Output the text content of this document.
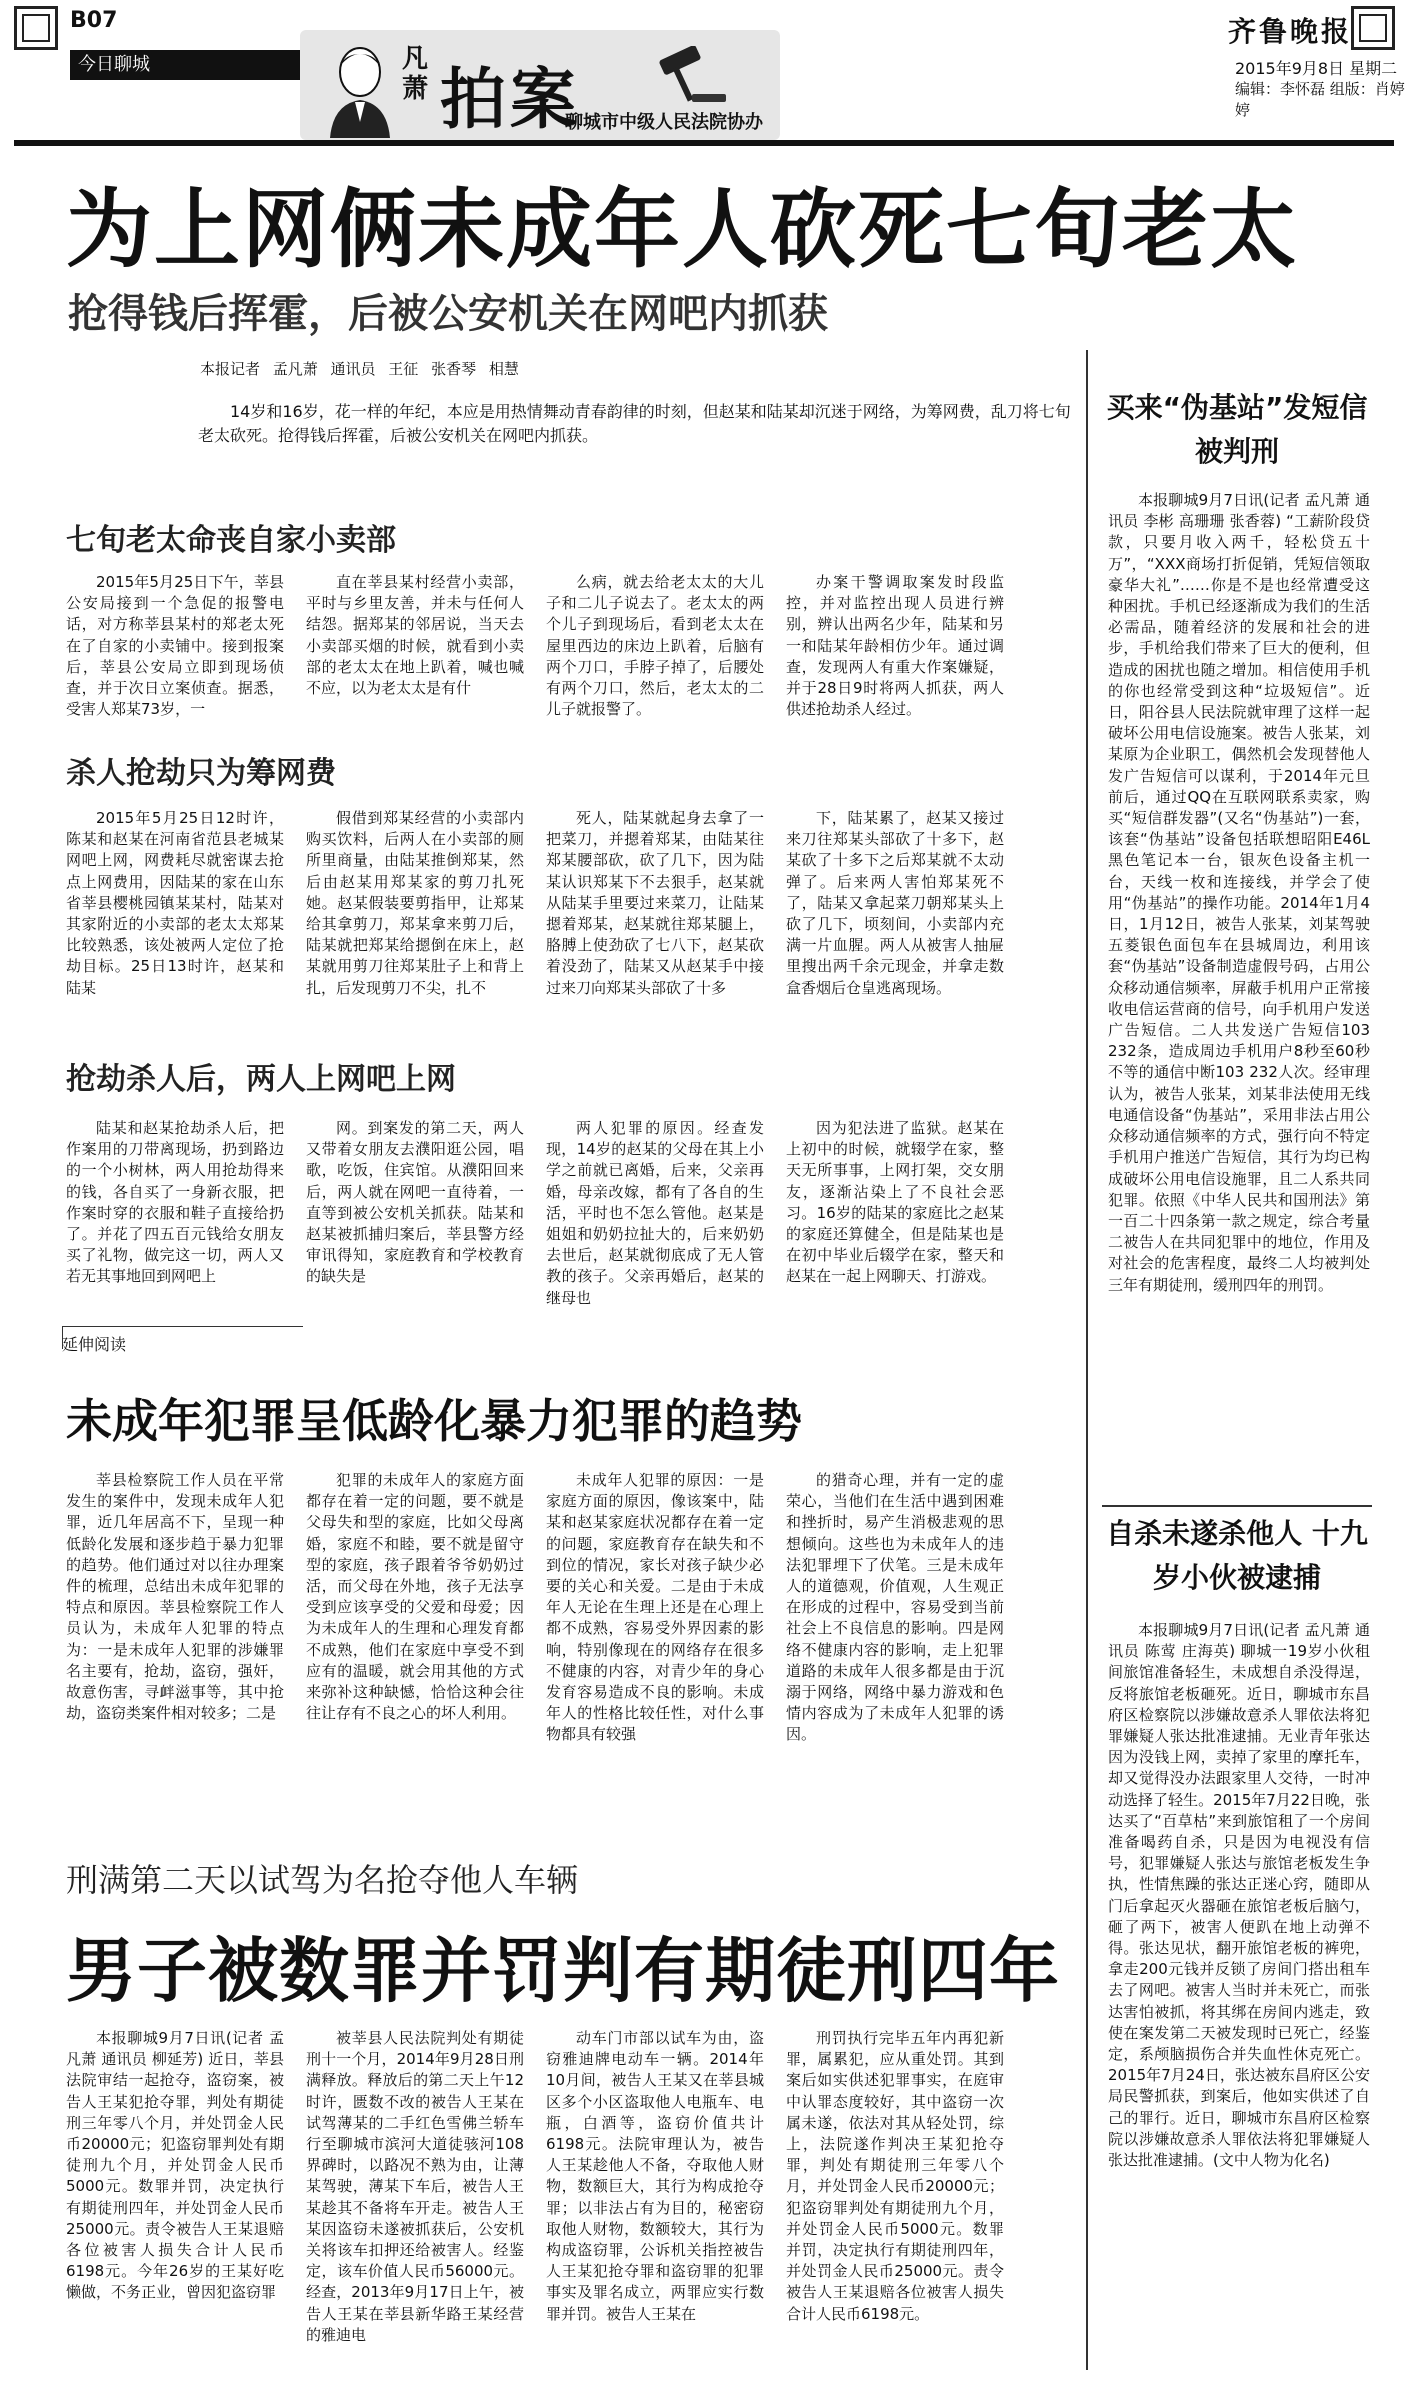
B07
今日聊城	凡萧 拍案
聊城市中级人民法院协办
齐鲁晚报
2015年9月8日 星期二
编辑：李怀磊 组版：肖婷婷
为上网俩未成年人砍死七旬老太
抢得钱后挥霍，后被公安机关在网吧内抓获
本报记者 孟凡萧 通讯员 王征 张香琴 相慧
14岁和16岁，花一样的年纪，本应是用热情舞动青春韵律的时刻，但赵某和陆某却沉迷于网络，为筹网费，乱刀将七旬老太砍死。抢得钱后挥霍，后被公安机关在网吧内抓获。
七旬老太命丧自家小卖部
2015年5月25日下午，莘县公安局接到一个急促的报警电话，对方称莘县某村的郑老太死在了自家的小卖铺中。接到报案后，莘县公安局立即到现场侦查，并于次日立案侦查。据悉，受害人郑某73岁，一
直在莘县某村经营小卖部，平时与乡里友善，并未与任何人结怨。据郑某的邻居说，当天去小卖部买烟的时候，就看到小卖部的老太太在地上趴着，喊也喊不应，以为老太太是有什
么病，就去给老太太的大儿子和二儿子说去了。老太太的两个儿子到现场后，看到老太太在屋里西边的床边上趴着，后脑有两个刀口，手脖子掉了，后腰处有两个刀口，然后，老太太的二儿子就报警了。
办案干警调取案发时段监控，并对监控出现人员进行辨别，辨认出两名少年，陆某和另一和陆某年龄相仿少年。通过调查，发现两人有重大作案嫌疑，并于28日9时将两人抓获，两人供述抢劫杀人经过。
杀人抢劫只为筹网费
2015年5月25日12时许，陈某和赵某在河南省范县老城某网吧上网，网费耗尽就密谋去抢点上网费用，因陆某的家在山东省莘县樱桃园镇某某村，陆某对其家附近的小卖部的老太太郑某比较熟悉，该处被两人定位了抢劫目标。25日13时许，赵某和陆某
假借到郑某经营的小卖部内购买饮料，后两人在小卖部的厕所里商量，由陆某推倒郑某，然后由赵某用郑某家的剪刀扎死她。赵某假装要剪指甲，让郑某给其拿剪刀，郑某拿来剪刀后，陆某就把郑某给摁倒在床上，赵某就用剪刀往郑某肚子上和背上扎，后发现剪刀不尖，扎不
死人，陆某就起身去拿了一把菜刀，并摁着郑某，由陆某往郑某腰部砍，砍了几下，因为陆某认识郑某下不去狠手，赵某就从陆某手里要过来菜刀，让陆某摁着郑某，赵某就往郑某腿上，胳膊上使劲砍了七八下，赵某砍着没劲了，陆某又从赵某手中接过来刀向郑某头部砍了十多
下，陆某累了，赵某又接过来刀往郑某头部砍了十多下，赵某砍了十多下之后郑某就不太动弹了。后来两人害怕郑某死不了，陆某又拿起菜刀朝郑某头上砍了几下，顷刻间，小卖部内充满一片血腥。两人从被害人抽屉里搜出两千余元现金，并拿走数盒香烟后仓皇逃离现场。
抢劫杀人后，两人上网吧上网
陆某和赵某抢劫杀人后，把作案用的刀带离现场，扔到路边的一个小树林，两人用抢劫得来的钱，各自买了一身新衣服，把作案时穿的衣服和鞋子直接给扔了。并花了四五百元钱给女朋友买了礼物，做完这一切，两人又若无其事地回到网吧上
网。到案发的第二天，两人又带着女朋友去濮阳逛公园，唱歌，吃饭，住宾馆。从濮阳回来后，两人就在网吧一直待着，一直等到被公安机关抓获。陆某和赵某被抓捕归案后，莘县警方经审讯得知，家庭教育和学校教育的缺失是
两人犯罪的原因。经查发现，14岁的赵某的父母在其上小学之前就已离婚，后来，父亲再婚，母亲改嫁，都有了各自的生活，平时也不怎么管他。赵某是姐姐和奶奶拉扯大的，后来奶奶去世后，赵某就彻底成了无人管教的孩子。父亲再婚后，赵某的继母也
因为犯法进了监狱。赵某在上初中的时候，就辍学在家，整天无所事事，上网打架，交女朋友，逐渐沾染上了不良社会恶习。16岁的陆某的家庭比之赵某的家庭还算健全，但是陆某也是在初中毕业后辍学在家，整天和赵某在一起上网聊天、打游戏。
延伸阅读
未成年犯罪呈低龄化暴力犯罪的趋势
莘县检察院工作人员在平常发生的案件中，发现未成年人犯罪，近几年居高不下，呈现一种低龄化发展和逐步趋于暴力犯罪的趋势。他们通过对以往办理案件的梳理，总结出未成年犯罪的特点和原因。莘县检察院工作人员认为，未成年人犯罪的特点为：一是未成年人犯罪的涉嫌罪名主要有，抢劫，盗窃，强奸，故意伤害，寻衅滋事等，其中抢劫，盗窃类案件相对较多；二是
犯罪的未成年人的家庭方面都存在着一定的问题，要不就是父母失和型的家庭，比如父母离婚，家庭不和睦，要不就是留守型的家庭，孩子跟着爷爷奶奶过活，而父母在外地，孩子无法享受到应该享受的父爱和母爱；因为未成年人的生理和心理发育都不成熟，他们在家庭中享受不到应有的温暖，就会用其他的方式来弥补这种缺憾，恰恰这种会往往让存有不良之心的坏人利用。
未成年人犯罪的原因：一是家庭方面的原因，像该案中，陆某和赵某家庭状况都存在着一定的问题，家庭教育存在缺失和不到位的情况，家长对孩子缺少必要的关心和关爱。二是由于未成年人无论在生理上还是在心理上都不成熟，容易受外界因素的影响，特别像现在的网络存在很多不健康的内容，对青少年的身心发育容易造成不良的影响。未成年人的性格比较任性，对什么事物都具有较强
的猎奇心理，并有一定的虚荣心，当他们在生活中遇到困难和挫折时，易产生消极悲观的思想倾向。这些也为未成年人的违法犯罪埋下了伏笔。三是未成年人的道德观，价值观，人生观正在形成的过程中，容易受到当前社会上不良信息的影响。四是网络不健康内容的影响，走上犯罪道路的未成年人很多都是由于沉溺于网络，网络中暴力游戏和色情内容成为了未成年人犯罪的诱因。
刑满第二天以试驾为名抢夺他人车辆
男子被数罪并罚判有期徒刑四年
本报聊城9月7日讯(记者 孟凡萧 通讯员 柳延芳) 近日，莘县法院审结一起抢夺，盗窃案，被告人王某犯抢夺罪，判处有期徒刑三年零八个月，并处罚金人民币20000元；犯盗窃罪判处有期徒刑九个月，并处罚金人民币5000元。数罪并罚，决定执行有期徒刑四年，并处罚金人民币25000元。责令被告人王某退赔各位被害人损失合计人民币6198元。今年26岁的王某好吃懒做，不务正业，曾因犯盗窃罪
被莘县人民法院判处有期徒刑十一个月，2014年9月28日刑满释放。释放后的第二天上午12时许，匮数不改的被告人王某在试驾薄某的二手红色雪佛兰轿车行至聊城市滨河大道徒骇河108界碑时，以路况不熟为由，让薄某驾驶，薄某下车后，被告人王某趁其不备将车开走。被告人王某因盗窃未遂被抓获后，公安机关将该车扣押还给被害人。经鉴定，该车价值人民币56000元。经查，2013年9月17日上午，被告人王某在莘县新华路王某经营的雅迪电
动车门市部以试车为由，盗窃雅迪牌电动车一辆。2014年10月间，被告人王某又在莘县城区多个小区盗取他人电瓶车、电瓶，白酒等，盗窃价值共计6198元。法院审理认为，被告人王某趁他人不备，夺取他人财物，数额巨大，其行为构成抢夺罪；以非法占有为目的，秘密窃取他人财物，数额较大，其行为构成盗窃罪，公诉机关指控被告人王某犯抢夺罪和盗窃罪的犯罪事实及罪名成立，两罪应实行数罪并罚。被告人王某在
刑罚执行完毕五年内再犯新罪，属累犯，应从重处罚。其到案后如实供述犯罪事实，在庭审中认罪态度较好，其中盗窃一次属未遂，依法对其从轻处罚，综上，法院遂作判决王某犯抢夺罪，判处有期徒刑三年零八个月，并处罚金人民币20000元；犯盗窃罪判处有期徒刑九个月，并处罚金人民币5000元。数罪并罚，决定执行有期徒刑四年，并处罚金人民币25000元。责令被告人王某退赔各位被害人损失合计人民币6198元。
买来“伪基站”发短信被判刑
本报聊城9月7日讯(记者 孟凡萧 通讯员 李彬 高珊珊 张香蓉) “工薪阶段贷款，只要月收入两千，轻松贷五十万”，“XXX商场打折促销，凭短信领取豪华大礼”……你是不是也经常遭受这种困扰。手机已经逐渐成为我们的生活必需品，随着经济的发展和社会的进步，手机给我们带来了巨大的便利，但造成的困扰也随之增加。相信使用手机的你也经常受到这种“垃圾短信”。近日，阳谷县人民法院就审理了这样一起破坏公用电信设施案。被告人张某，刘某原为企业职工，偶然机会发现替他人发广告短信可以谋利，于2014年元旦前后，通过QQ在互联网联系卖家，购买“短信群发器”(又名“伪基站”)一套，该套“伪基站”设备包括联想昭阳E46L黑色笔记本一台，银灰色设备主机一台，天线一枚和连接线，并学会了使用“伪基站”的操作功能。2014年1月4日，1月12日，被告人张某，刘某驾驶五菱银色面包车在县城周边，利用该套“伪基站”设备制造虚假号码，占用公众移动通信频率，屏蔽手机用户正常接收电信运营商的信号，向手机用户发送广告短信。二人共发送广告短信103 232条，造成周边手机用户8秒至60秒不等的通信中断103 232人次。经审理认为，被告人张某，刘某非法使用无线电通信设备“伪基站”，采用非法占用公众移动通信频率的方式，强行向不特定手机用户推送广告短信，其行为均已构成破坏公用电信设施罪，且二人系共同犯罪。依照《中华人民共和国刑法》第一百二十四条第一款之规定，综合考量二被告人在共同犯罪中的地位，作用及对社会的危害程度，最终二人均被判处三年有期徒刑，缓刑四年的刑罚。
自杀未遂杀他人 十九岁小伙被逮捕
本报聊城9月7日讯(记者 孟凡萧 通讯员 陈莺 庄海英) 聊城一19岁小伙租间旅馆准备轻生，未成想自杀没得逞，反将旅馆老板砸死。近日，聊城市东昌府区检察院以涉嫌故意杀人罪依法将犯罪嫌疑人张达批准逮捕。无业青年张达因为没钱上网，卖掉了家里的摩托车，却又觉得没办法跟家里人交待，一时冲动选择了轻生。2015年7月22日晚，张达买了“百草枯”来到旅馆租了一个房间准备喝药自杀，只是因为电视没有信号，犯罪嫌疑人张达与旅馆老板发生争执，性情焦躁的张达正迷心窍，随即从门后拿起灭火器砸在旅馆老板后脑勺，砸了两下，被害人便趴在地上动弹不得。张达见状，翻开旅馆老板的裤兜，拿走200元钱并反锁了房间门搭出租车去了网吧。被害人当时并未死亡，而张达害怕被抓，将其绑在房间内逃走，致使在案发第二天被发现时已死亡，经鉴定，系颅脑损伤合并失血性休克死亡。2015年7月24日，张达被东昌府区公安局民警抓获，到案后，他如实供述了自己的罪行。近日，聊城市东昌府区检察院以涉嫌故意杀人罪依法将犯罪嫌疑人张达批准逮捕。(文中人物为化名)
